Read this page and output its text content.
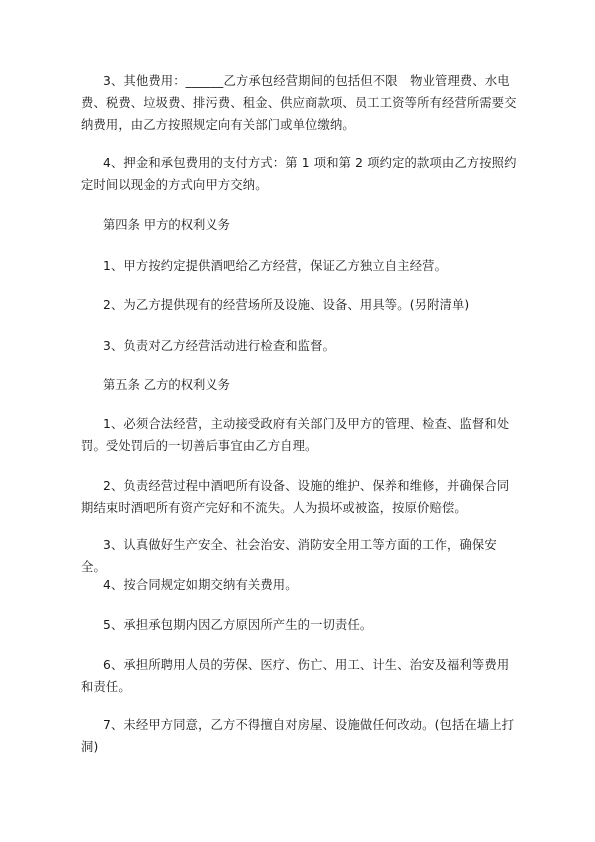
3、其他费用：______乙方承包经营期间的包括但不限　物业管理费、水电费、税费、垃圾费、排污费、租金、供应商款项、员工工资等所有经营所需要交纳费用，由乙方按照规定向有关部门或单位缴纳。
4、押金和承包费用的支付方式：第 1 项和第 2 项约定的款项由乙方按照约定时间以现金的方式向甲方交纳。
第四条 甲方的权利义务
1、甲方按约定提供酒吧给乙方经营，保证乙方独立自主经营。
2、为乙方提供现有的经营场所及设施、设备、用具等。(另附清单)
3、负责对乙方经营活动进行检查和监督。
第五条 乙方的权利义务
1、必须合法经营，主动接受政府有关部门及甲方的管理、检查、监督和处罚。受处罚后的一切善后事宜由乙方自理。
2、负责经营过程中酒吧所有设备、设施的维护、保养和维修，并确保合同期结束时酒吧所有资产完好和不流失。人为损坏或被盗，按原价赔偿。
3、认真做好生产安全、社会治安、消防安全用工等方面的工作，确保安全。
4、按合同规定如期交纳有关费用。
5、承担承包期内因乙方原因所产生的一切责任。
6、承担所聘用人员的劳保、医疗、伤亡、用工、计生、治安及福利等费用和责任。
7、未经甲方同意，乙方不得擅自对房屋、设施做任何改动。(包括在墙上打洞)
